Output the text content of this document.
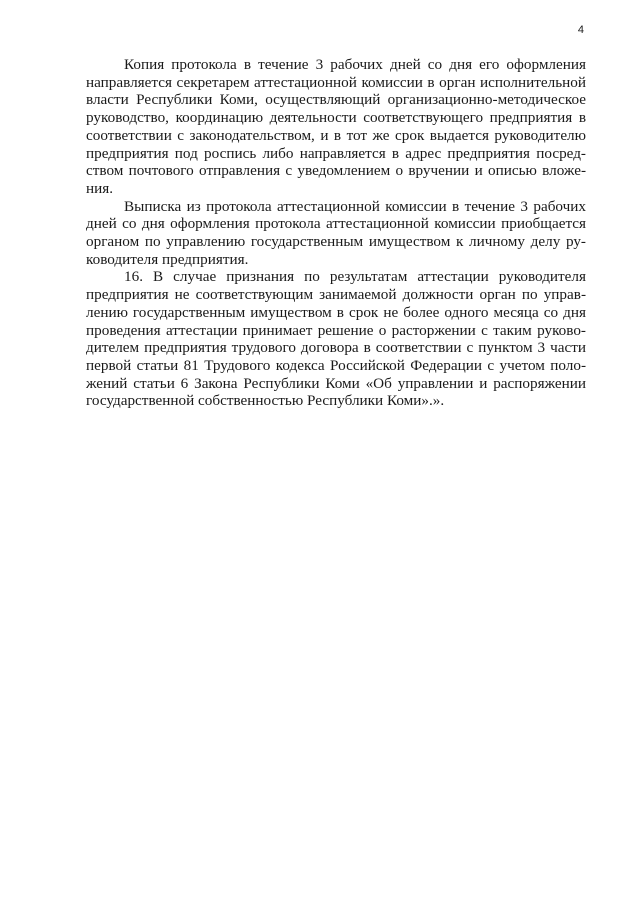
4

Копия протокола в течение 3 рабочих дней со дня его оформления
направляется секретарем аттестационной комиссии в орган исполнительной
власти Республики Коми, осуществляющий организационно-методическое
руководство, координацию деятельности соответствующего предприятия в
соответствии с законодательством, и в тот же срок выдается руководителю
предприятия под роспись либо направляется в адрес предприятия посред-
ством почтового отправления с уведомлением о вручении и описью вложе-
ния.

Выписка из протокола аттестационной комиссии в течение 3 рабочих
дней со дня оформления протокола аттестационной комиссии приобщается
органом по управлению государственным имуществом к личному делу ру-
ководителя предприятия.

16. В случае признания по результатам аттестации руководителя
предприятия не соответствующим занимаемой должности орган по управ-
лению государственным имуществом в срок не более одного месяца со дня
проведения аттестации принимает решение о расторжении с таким руково-
дителем предприятия трудового договора в соответствии с пунктом 3 части
первой статьи 81 Трудового кодекса Российской Федерации с учетом поло-
жений статьи 6 Закона Республики Коми «Об управлении и распоряжении
государственной собственностью Республики Коми».».
